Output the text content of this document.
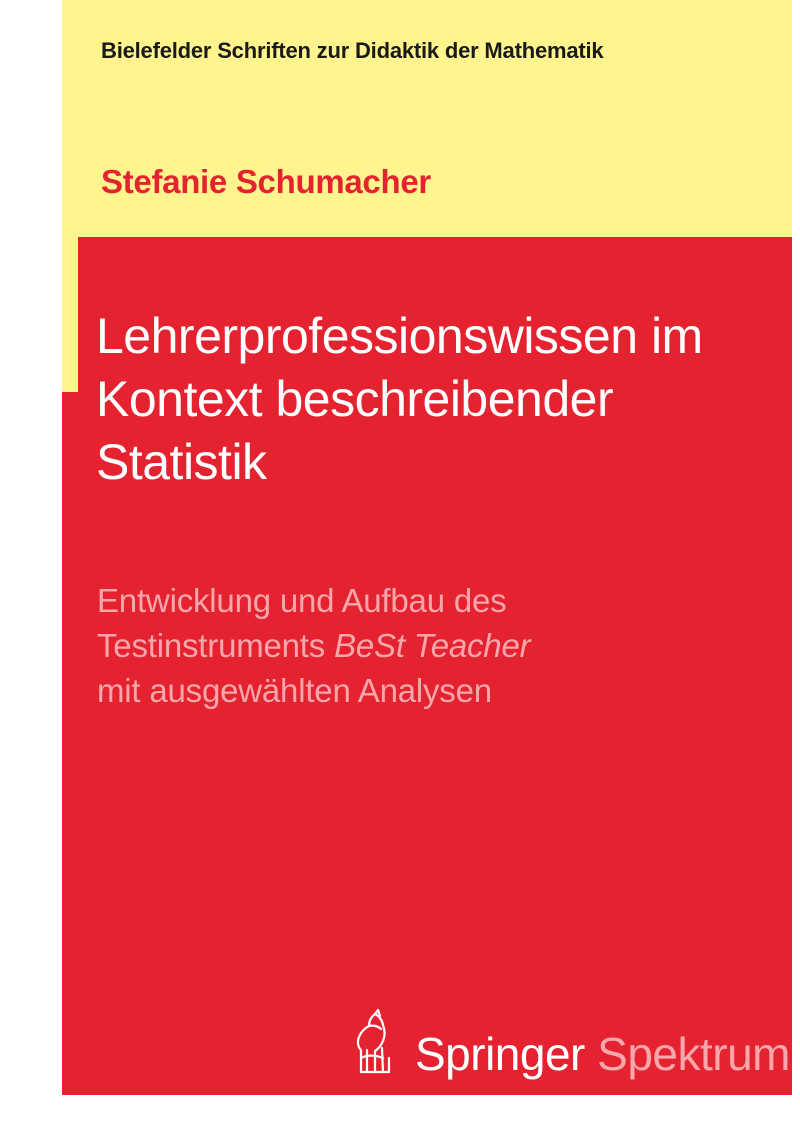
Bielefelder Schriften zur Didaktik der Mathematik
Stefanie Schumacher
Lehrerprofessionswissen im Kontext beschreibender Statistik
Entwicklung und Aufbau des
Testinstruments BeSt Teacher
mit ausgewählten Analysen
Springer Spektrum
